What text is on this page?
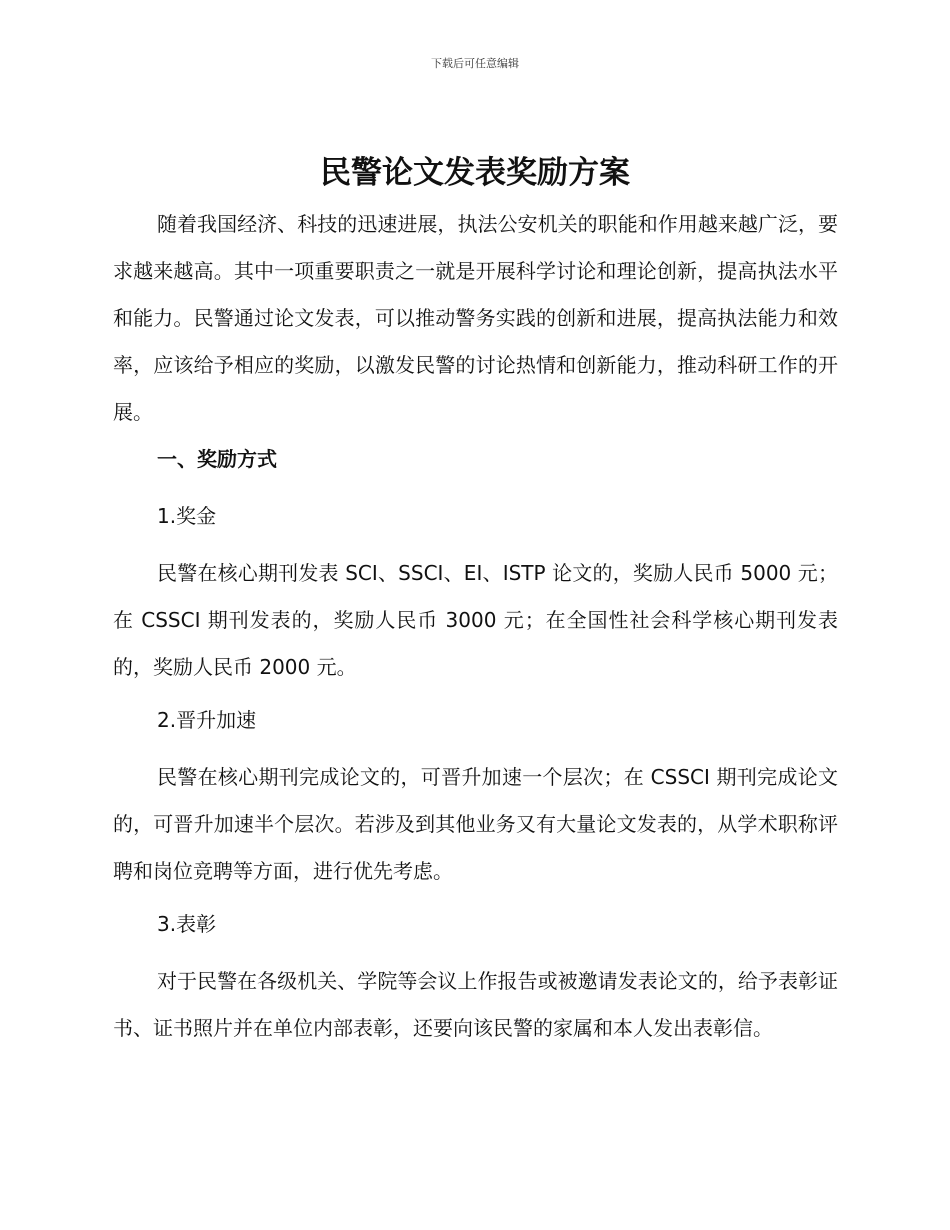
下载后可任意编辑
民警论文发表奖励方案

随着我国经济、科技的迅速进展，执法公安机关的职能和作用越来越广泛，要求越来越高。其中一项重要职责之一就是开展科学讨论和理论创新，提高执法水平和能力。民警通过论文发表，可以推动警务实践的创新和进展，提高执法能力和效率，应该给予相应的奖励，以激发民警的讨论热情和创新能力，推动科研工作的开展。

一、奖励方式

1.奖金

民警在核心期刊发表 SCI、SSCI、EI、ISTP 论文的，奖励人民币 5000 元；在 CSSCI 期刊发表的，奖励人民币 3000 元；在全国性社会科学核心期刊发表的，奖励人民币 2000 元。

2.晋升加速

民警在核心期刊完成论文的，可晋升加速一个层次；在 CSSCI 期刊完成论文的，可晋升加速半个层次。若涉及到其他业务又有大量论文发表的，从学术职称评聘和岗位竞聘等方面，进行优先考虑。

3.表彰

对于民警在各级机关、学院等会议上作报告或被邀请发表论文的，给予表彰证书、证书照片并在单位内部表彰，还要向该民警的家属和本人发出表彰信。
